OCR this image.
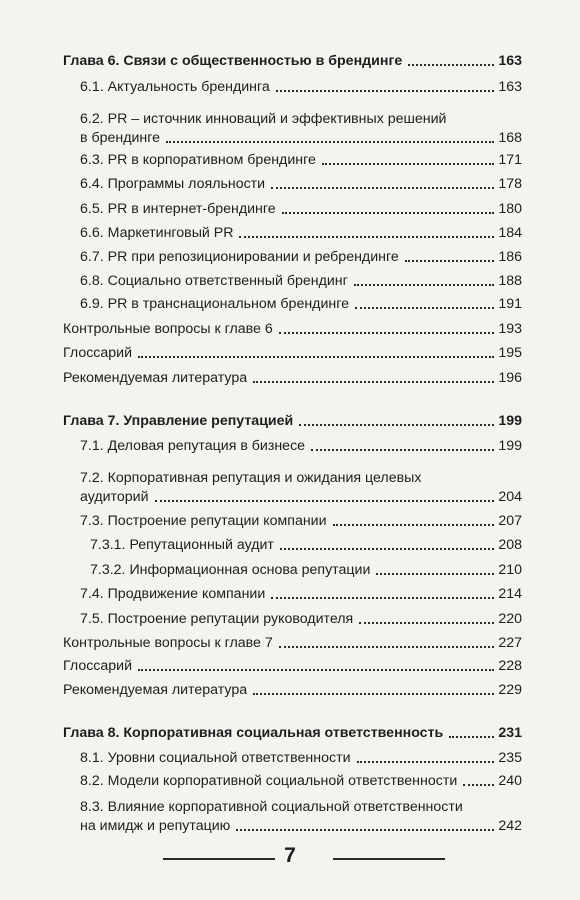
Глава 6. Связи с общественностью в брендинге	163
6.1. Актуальность брендинга	163
6.2. PR – источник инноваций и эффективных решений
в брендинге	168
6.3. PR в корпоративном брендинге	171
6.4. Программы лояльности	178
6.5. PR в интернет-брендинге	180
6.6. Маркетинговый PR	184
6.7. PR при репозиционировании и ребрендинге	186
6.8. Социально ответственный брендинг	188
6.9. PR в транснациональном брендинге	191
Контрольные вопросы к главе 6	193
Глоссарий	195
Рекомендуемая литература	196
Глава 7. Управление репутацией	199
7.1. Деловая репутация в бизнесе	199
7.2. Корпоративная репутация и ожидания целевых
аудиторий	204
7.3. Построение репутации компании	207
7.3.1. Репутационный аудит	208
7.3.2. Информационная основа репутации	210
7.4. Продвижение компании	214
7.5. Построение репутации руководителя	220
Контрольные вопросы к главе 7	227
Глоссарий	228
Рекомендуемая литература	229
Глава 8. Корпоративная социальная ответственность	231
8.1. Уровни социальной ответственности	235
8.2. Модели корпоративной социальной ответственности	240
8.3. Влияние корпоративной социальной ответственности
на имидж и репутацию	242
7
